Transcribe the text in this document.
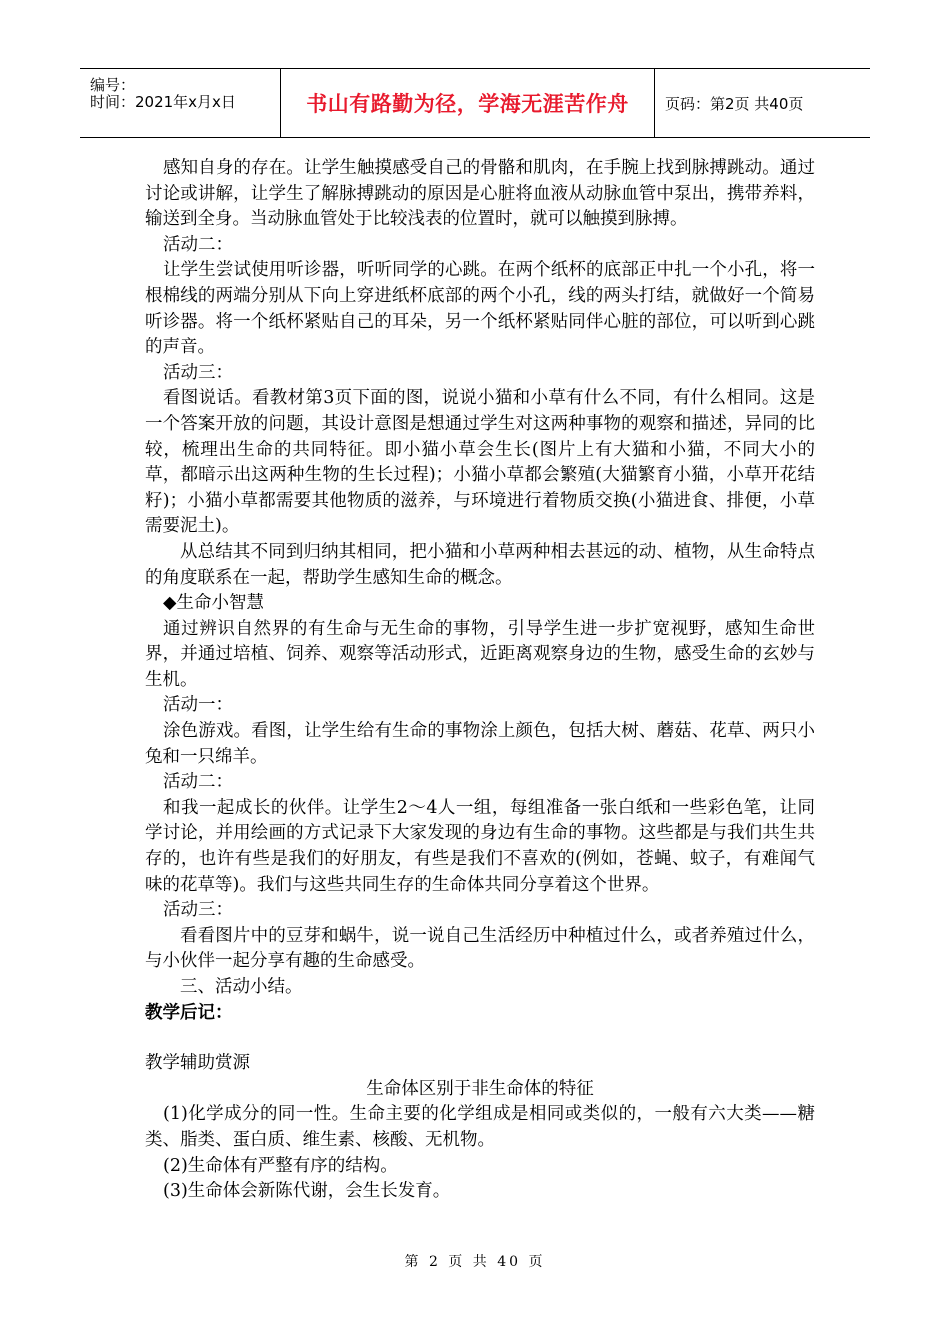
编号：
时间：2021年x月x日	书山有路勤为径，学海无涯苦作舟	页码：第2页 共40页

感知自身的存在。让学生触摸感受自己的骨骼和肌肉，在手腕上找到脉搏跳动。通过讨论或讲解，让学生了解脉搏跳动的原因是心脏将血液从动脉血管中泵出，携带养料，输送到全身。当动脉血管处于比较浅表的位置时，就可以触摸到脉搏。

活动二：

让学生尝试使用听诊器，听听同学的心跳。在两个纸杯的底部正中扎一个小孔，将一根棉线的两端分别从下向上穿进纸杯底部的两个小孔，线的两头打结，就做好一个简易听诊器。将一个纸杯紧贴自己的耳朵，另一个纸杯紧贴同伴心脏的部位，可以听到心跳的声音。

活动三：

看图说话。看教材第3页下面的图，说说小猫和小草有什么不同，有什么相同。这是一个答案开放的问题，其设计意图是想通过学生对这两种事物的观察和描述，异同的比较，梳理出生命的共同特征。即小猫小草会生长(图片上有大猫和小猫，不同大小的草，都暗示出这两种生物的生长过程)；小猫小草都会繁殖(大猫繁育小猫，小草开花结籽)；小猫小草都需要其他物质的滋养，与环境进行着物质交换(小猫进食、排便，小草需要泥土)。

从总结其不同到归纳其相同，把小猫和小草两种相去甚远的动、植物，从生命特点的角度联系在一起，帮助学生感知生命的概念。

◆生命小智慧

通过辨识自然界的有生命与无生命的事物，引导学生进一步扩宽视野，感知生命世界，并通过培植、饲养、观察等活动形式，近距离观察身边的生物，感受生命的玄妙与生机。

活动一：

涂色游戏。看图，让学生给有生命的事物涂上颜色，包括大树、蘑菇、花草、两只小兔和一只绵羊。

活动二：

和我一起成长的伙伴。让学生2～4人一组，每组准备一张白纸和一些彩色笔，让同学讨论，并用绘画的方式记录下大家发现的身边有生命的事物。这些都是与我们共生共存的，也许有些是我们的好朋友，有些是我们不喜欢的(例如，苍蝇、蚊子，有难闻气味的花草等)。我们与这些共同生存的生命体共同分享着这个世界。

活动三：

看看图片中的豆芽和蜗牛，说一说自己生活经历中种植过什么，或者养殖过什么，与小伙伴一起分享有趣的生命感受。

三、活动小结。

教学后记：

教学辅助赏源

生命体区别于非生命体的特征

(1)化学成分的同一性。生命主要的化学组成是相同或类似的，一般有六大类——糖类、脂类、蛋白质、维生素、核酸、无机物。

(2)生命体有严整有序的结构。

(3)生命体会新陈代谢，会生长发育。

第 2 页 共 40 页
